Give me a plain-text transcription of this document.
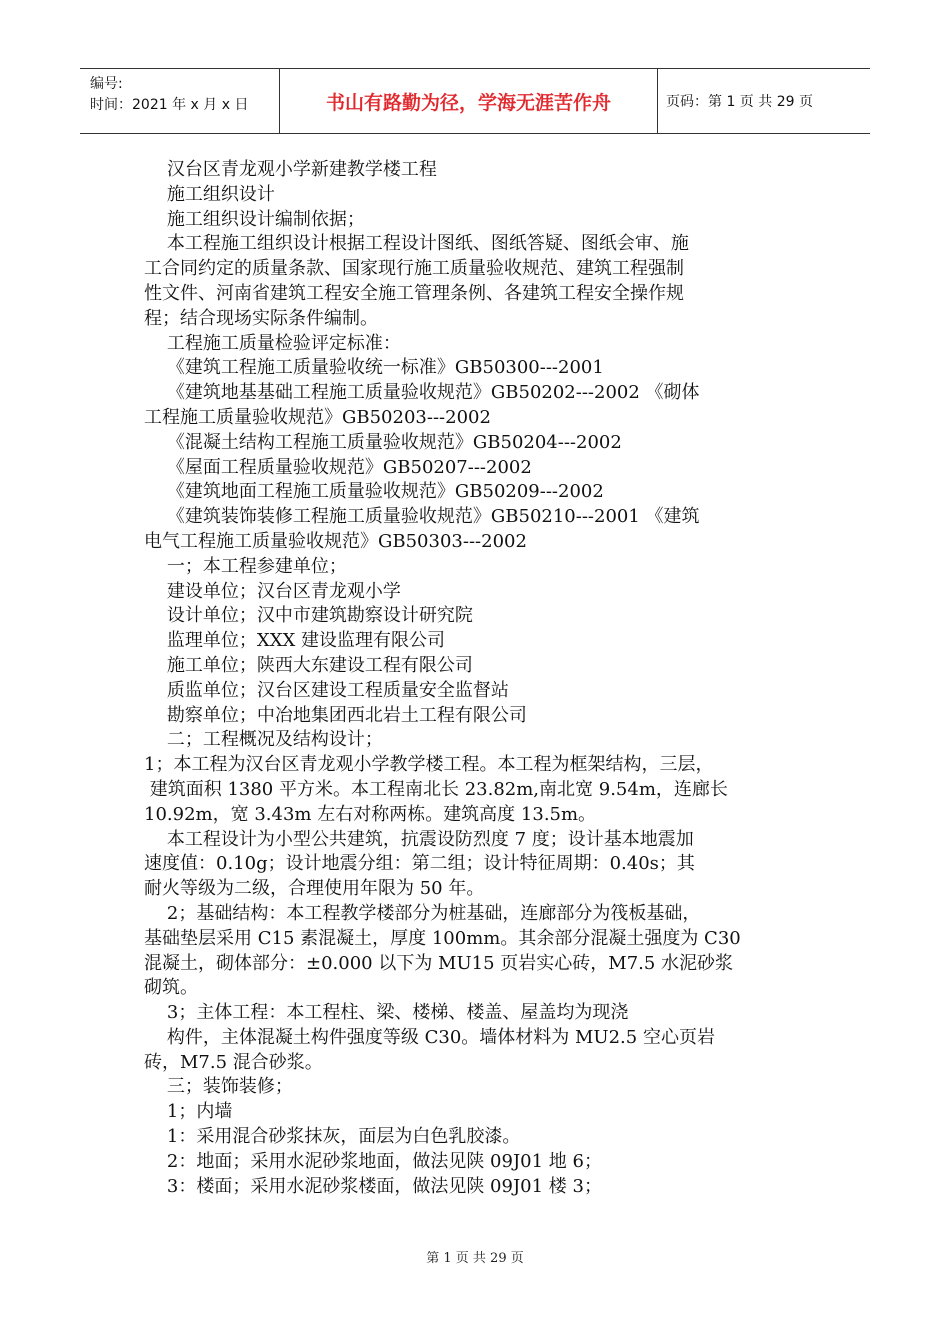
编号:
时间：2021 年 x 月 x 日	书山有路勤为径，学海无涯苦作舟	页码：第 1 页 共 29 页

汉台区青龙观小学新建教学楼工程

施工组织设计

施工组织设计编制依据；

本工程施工组织设计根据工程设计图纸、图纸答疑、图纸会审、施

工合同约定的质量条款、国家现行施工质量验收规范、建筑工程强制

性文件、河南省建筑工程安全施工管理条例、各建筑工程安全操作规

程；结合现场实际条件编制。

工程施工质量检验评定标准：

《建筑工程施工质量验收统一标准》GB50300---2001

《建筑地基基础工程施工质量验收规范》GB50202---2002 《砌体

工程施工质量验收规范》GB50203---2002

《混凝土结构工程施工质量验收规范》GB50204---2002

《屋面工程质量验收规范》GB50207---2002

《建筑地面工程施工质量验收规范》GB50209---2002

《建筑装饰装修工程施工质量验收规范》GB50210---2001 《建筑

电气工程施工质量验收规范》GB50303---2002

一；本工程参建单位；

建设单位；汉台区青龙观小学

设计单位；汉中市建筑勘察设计研究院

监理单位；XXX 建设监理有限公司

施工单位；陕西大东建设工程有限公司

质监单位；汉台区建设工程质量安全监督站

勘察单位；中冶地集团西北岩土工程有限公司

二；工程概况及结构设计；

1；本工程为汉台区青龙观小学教学楼工程。本工程为框架结构，三层，

建筑面积 1380 平方米。本工程南北长 23.82m,南北宽 9.54m，连廊长

10.92m，宽 3.43m 左右对称两栋。建筑高度 13.5m。

本工程设计为小型公共建筑，抗震设防烈度 7 度；设计基本地震加

速度值：0.10g；设计地震分组：第二组；设计特征周期：0.40s；其

耐火等级为二级，合理使用年限为 50 年。

2；基础结构：本工程教学楼部分为桩基础，连廊部分为筏板基础，

基础垫层采用 C15 素混凝土，厚度 100mm。其余部分混凝土强度为 C30

混凝土，砌体部分：±0.000 以下为 MU15 页岩实心砖，M7.5 水泥砂浆

砌筑。

3；主体工程：本工程柱、梁、楼梯、楼盖、屋盖均为现浇

构件，主体混凝土构件强度等级 C30。墙体材料为 MU2.5 空心页岩

砖，M7.5 混合砂浆。

三；装饰装修；

1；内墙

1：采用混合砂浆抹灰，面层为白色乳胶漆。

2：地面；采用水泥砂浆地面，做法见陕 09J01 地 6；

3：楼面；采用水泥砂浆楼面，做法见陕 09J01 楼 3；

第 1 页 共 29 页
